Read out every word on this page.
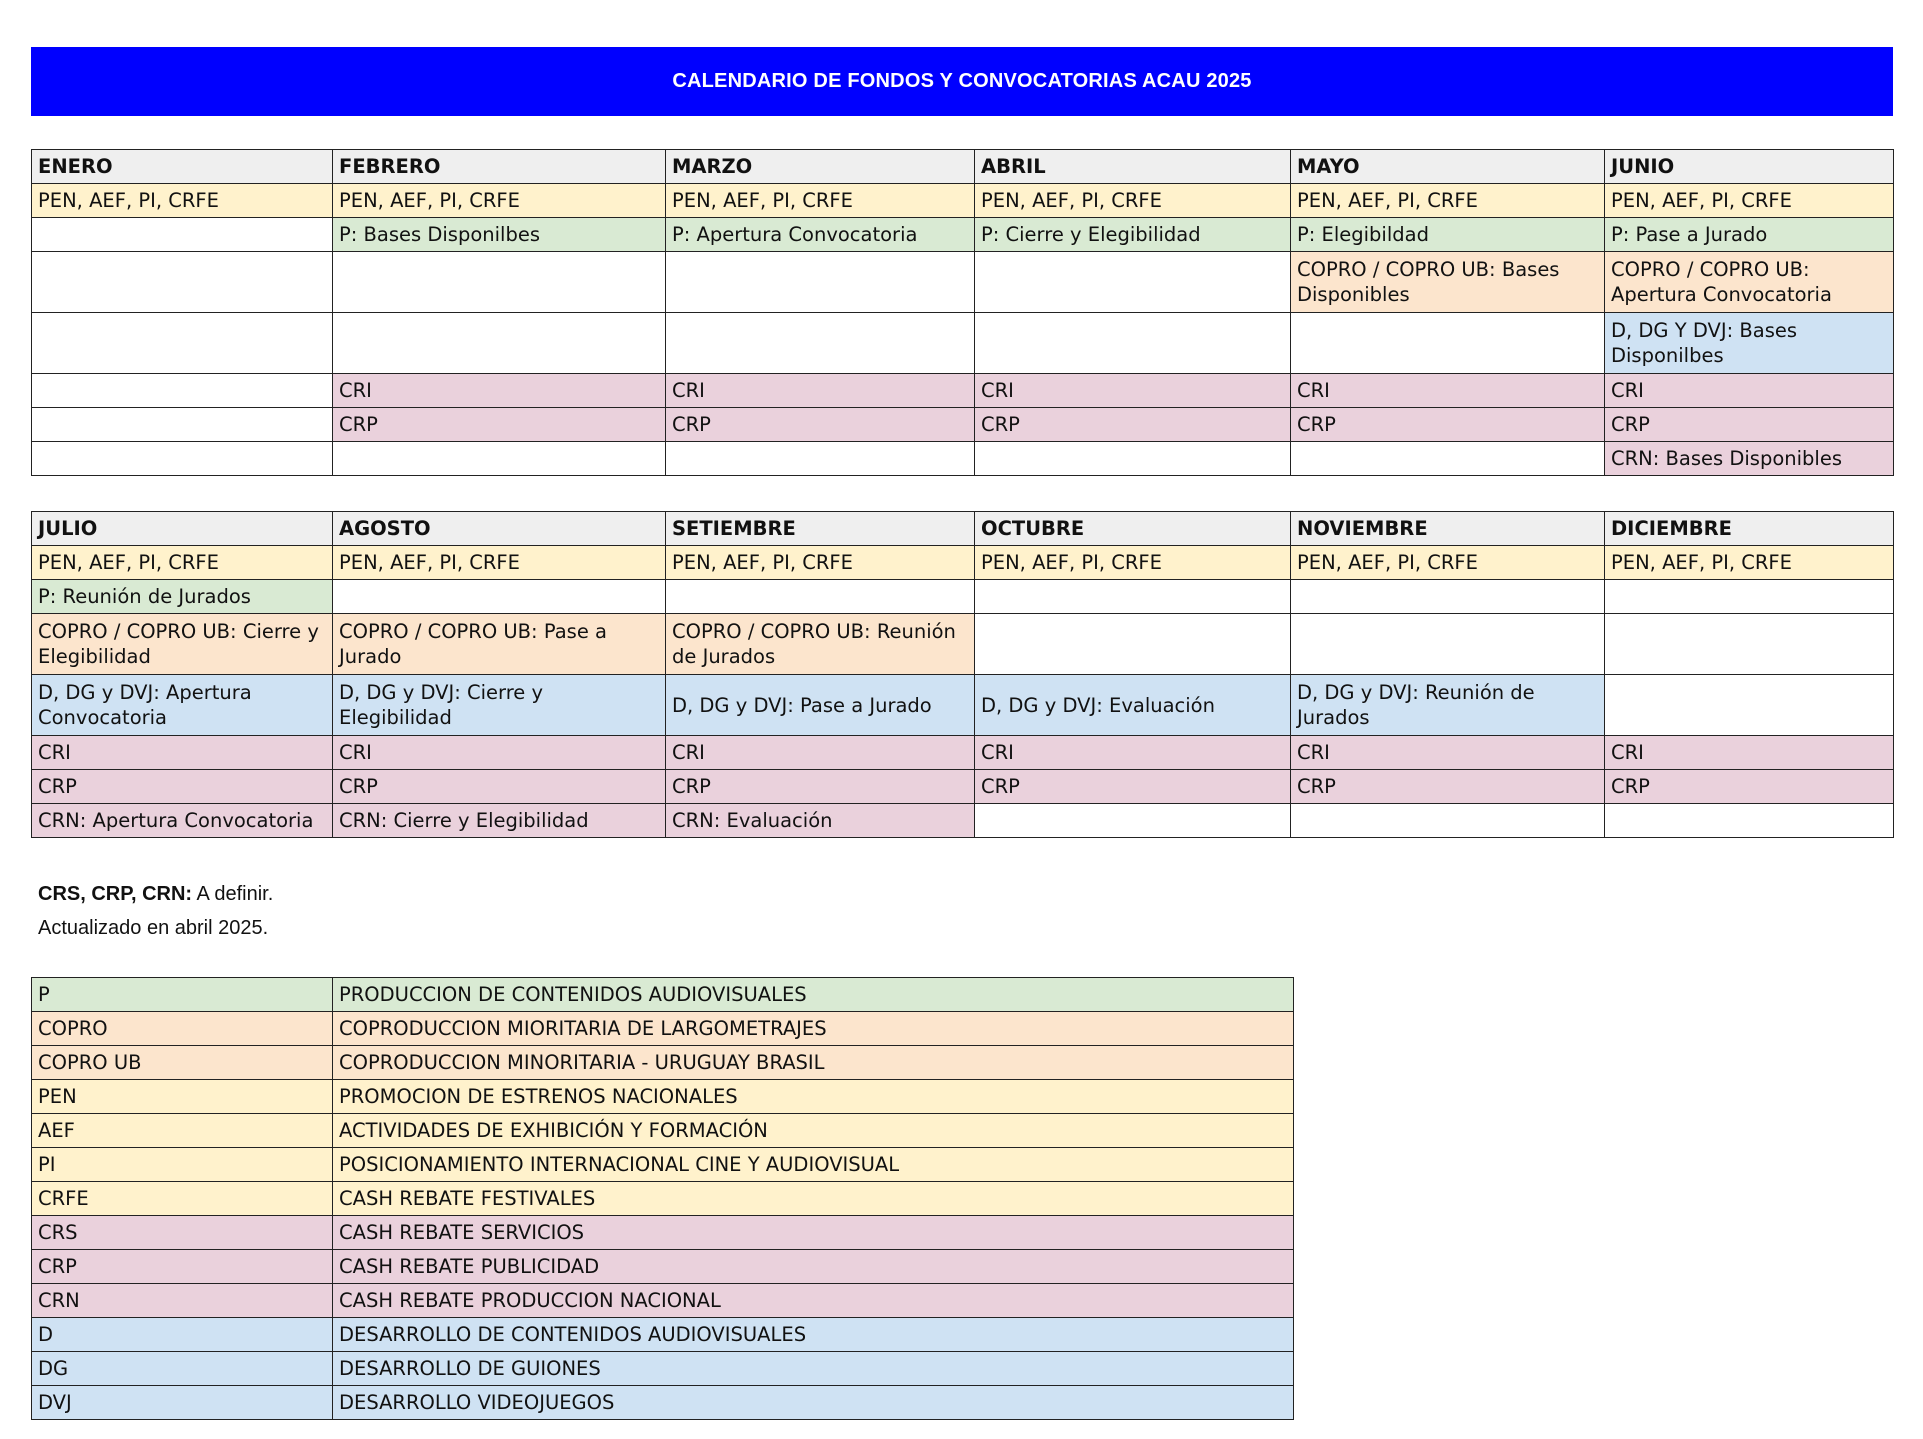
CALENDARIO DE FONDOS Y CONVOCATORIAS ACAU 2025
ENERO	FEBRERO	MARZO	ABRIL	MAYO	JUNIO
PEN, AEF, PI, CRFE	PEN, AEF, PI, CRFE	PEN, AEF, PI, CRFE	PEN, AEF, PI, CRFE	PEN, AEF, PI, CRFE	PEN, AEF, PI, CRFE
	P: Bases Disponilbes	P: Apertura Convocatoria	P: Cierre y Elegibilidad	P: Elegibildad	P: Pase a Jurado
				COPRO / COPRO UB: Bases Disponibles	COPRO / COPRO UB: Apertura Convocatoria
					D, DG Y DVJ: Bases Disponilbes
	CRI	CRI	CRI	CRI	CRI
	CRP	CRP	CRP	CRP	CRP
					CRN: Bases Disponibles
JULIO	AGOSTO	SETIEMBRE	OCTUBRE	NOVIEMBRE	DICIEMBRE
PEN, AEF, PI, CRFE	PEN, AEF, PI, CRFE	PEN, AEF, PI, CRFE	PEN, AEF, PI, CRFE	PEN, AEF, PI, CRFE	PEN, AEF, PI, CRFE
P: Reunión de Jurados					
COPRO / COPRO UB: Cierre y Elegibilidad	COPRO / COPRO UB: Pase a Jurado	COPRO / COPRO UB: Reunión de Jurados			
D, DG y DVJ: Apertura Convocatoria	D, DG y DVJ: Cierre y Elegibilidad	D, DG y DVJ: Pase a Jurado	D, DG y DVJ: Evaluación	D, DG y DVJ: Reunión de Jurados	
CRI	CRI	CRI	CRI	CRI	CRI
CRP	CRP	CRP	CRP	CRP	CRP
CRN: Apertura Convocatoria	CRN: Cierre y Elegibilidad	CRN: Evaluación			
CRS, CRP, CRN: A definir.
Actualizado en abril 2025.
P	PRODUCCION DE CONTENIDOS AUDIOVISUALES
COPRO	COPRODUCCION MIORITARIA DE LARGOMETRAJES
COPRO UB	COPRODUCCION MINORITARIA - URUGUAY BRASIL
PEN	PROMOCION DE ESTRENOS NACIONALES
AEF	ACTIVIDADES DE EXHIBICIÓN Y FORMACIÓN
PI	POSICIONAMIENTO INTERNACIONAL CINE Y AUDIOVISUAL
CRFE	CASH REBATE FESTIVALES
CRS	CASH REBATE SERVICIOS
CRP	CASH REBATE PUBLICIDAD
CRN	CASH REBATE PRODUCCION NACIONAL
D	DESARROLLO DE CONTENIDOS AUDIOVISUALES
DG	DESARROLLO DE GUIONES
DVJ	DESARROLLO VIDEOJUEGOS
